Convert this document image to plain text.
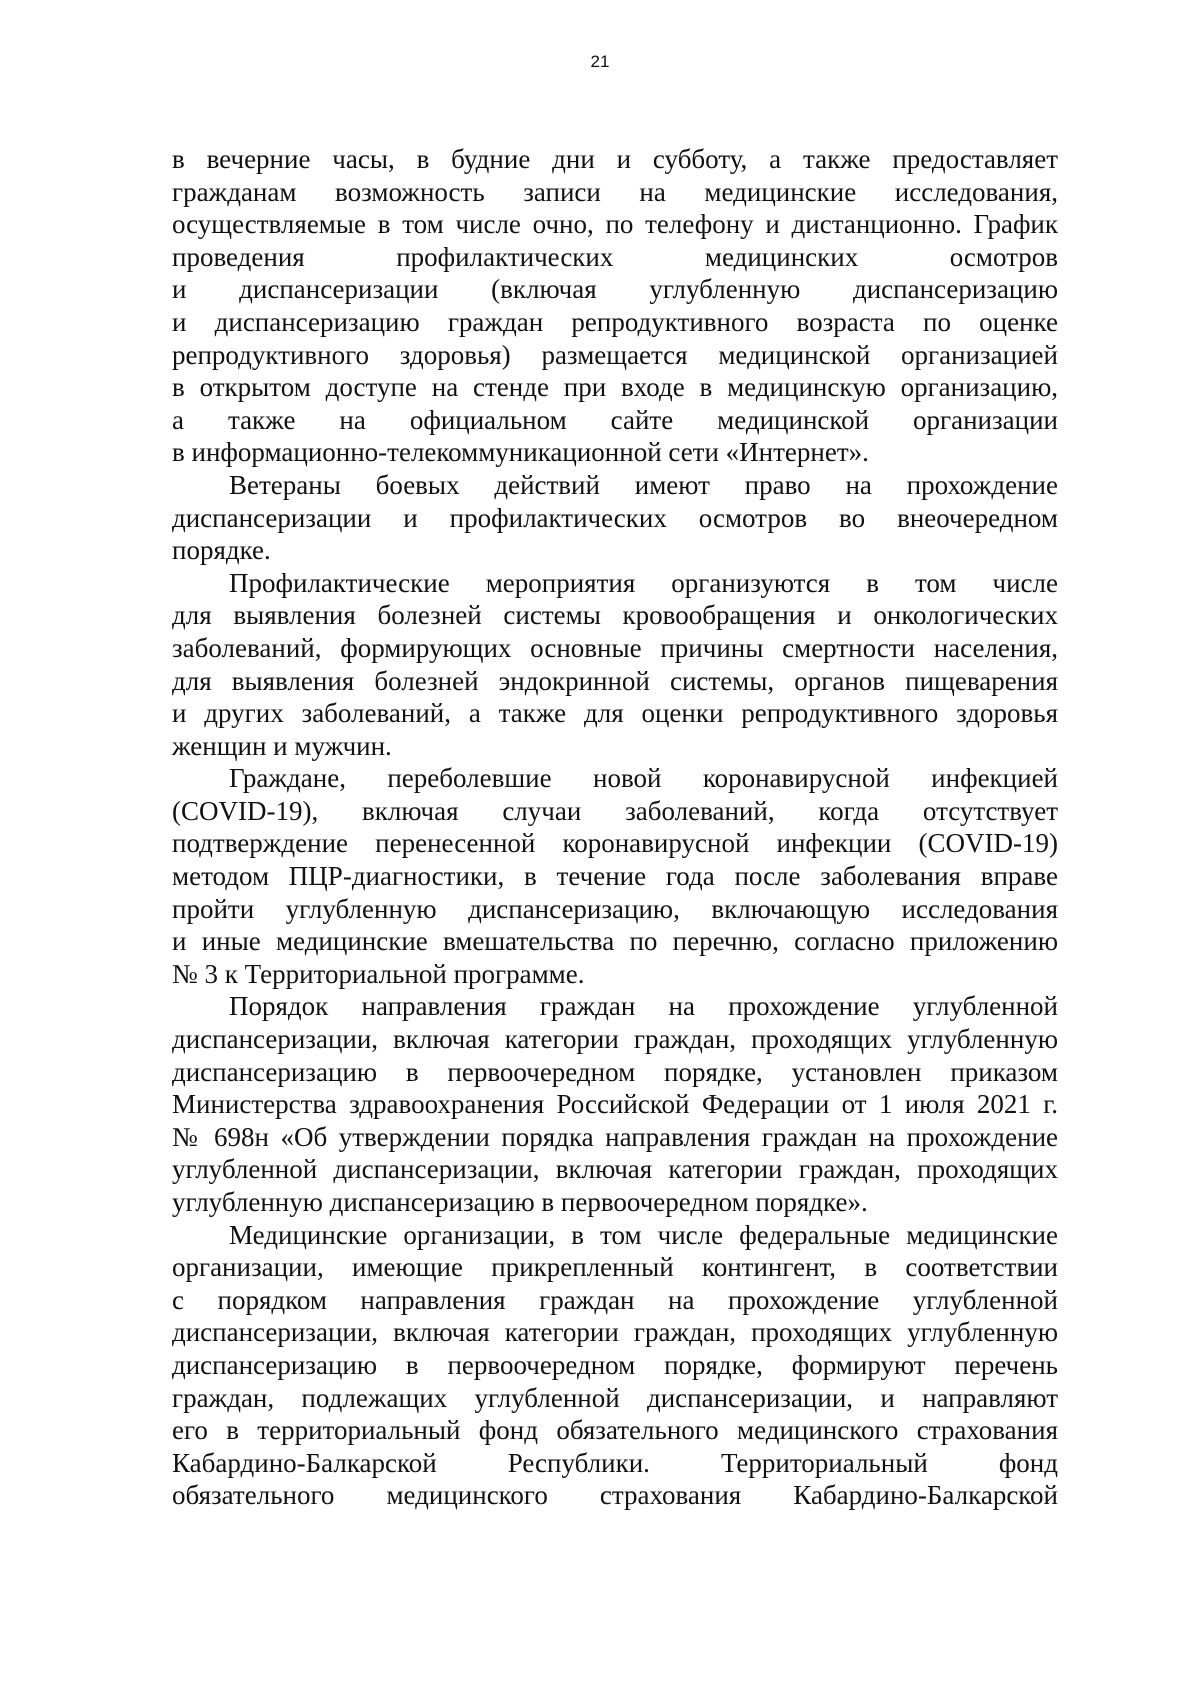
21
в вечерние часы, в будние дни и субботу, а также предоставляет
гражданам возможность записи на медицинские исследования,
осуществляемые в том числе очно, по телефону и дистанционно. График
проведения профилактических медицинских осмотров
и диспансеризации (включая углубленную диспансеризацию
и диспансеризацию граждан репродуктивного возраста по оценке
репродуктивного здоровья) размещается медицинской организацией
в открытом доступе на стенде при входе в медицинскую организацию,
а также на официальном сайте медицинской организации
в информационно-телекоммуникационной сети «Интернет».
Ветераны боевых действий имеют право на прохождение
диспансеризации и профилактических осмотров во внеочередном
порядке.
Профилактические мероприятия организуются в том числе
для выявления болезней системы кровообращения и онкологических
заболеваний, формирующих основные причины смертности населения,
для выявления болезней эндокринной системы, органов пищеварения
и других заболеваний, а также для оценки репродуктивного здоровья
женщин и мужчин.
Граждане, переболевшие новой коронавирусной инфекцией
(COVID-19), включая случаи заболеваний, когда отсутствует
подтверждение перенесенной коронавирусной инфекции (COVID-19)
методом ПЦР-диагностики, в течение года после заболевания вправе
пройти углубленную диспансеризацию, включающую исследования
и иные медицинские вмешательства по перечню, согласно приложению
№ 3 к Территориальной программе.
Порядок направления граждан на прохождение углубленной
диспансеризации, включая категории граждан, проходящих углубленную
диспансеризацию в первоочередном порядке, установлен приказом
Министерства здравоохранения Российской Федерации от 1 июля 2021 г.
№ 698н «Об утверждении порядка направления граждан на прохождение
углубленной диспансеризации, включая категории граждан, проходящих
углубленную диспансеризацию в первоочередном порядке».
Медицинские организации, в том числе федеральные медицинские
организации, имеющие прикрепленный контингент, в соответствии
с порядком направления граждан на прохождение углубленной
диспансеризации, включая категории граждан, проходящих углубленную
диспансеризацию в первоочередном порядке, формируют перечень
граждан, подлежащих углубленной диспансеризации, и направляют
его в территориальный фонд обязательного медицинского страхования
Кабардино-Балкарской Республики. Территориальный фонд
обязательного медицинского страхования Кабардино-Балкарской
